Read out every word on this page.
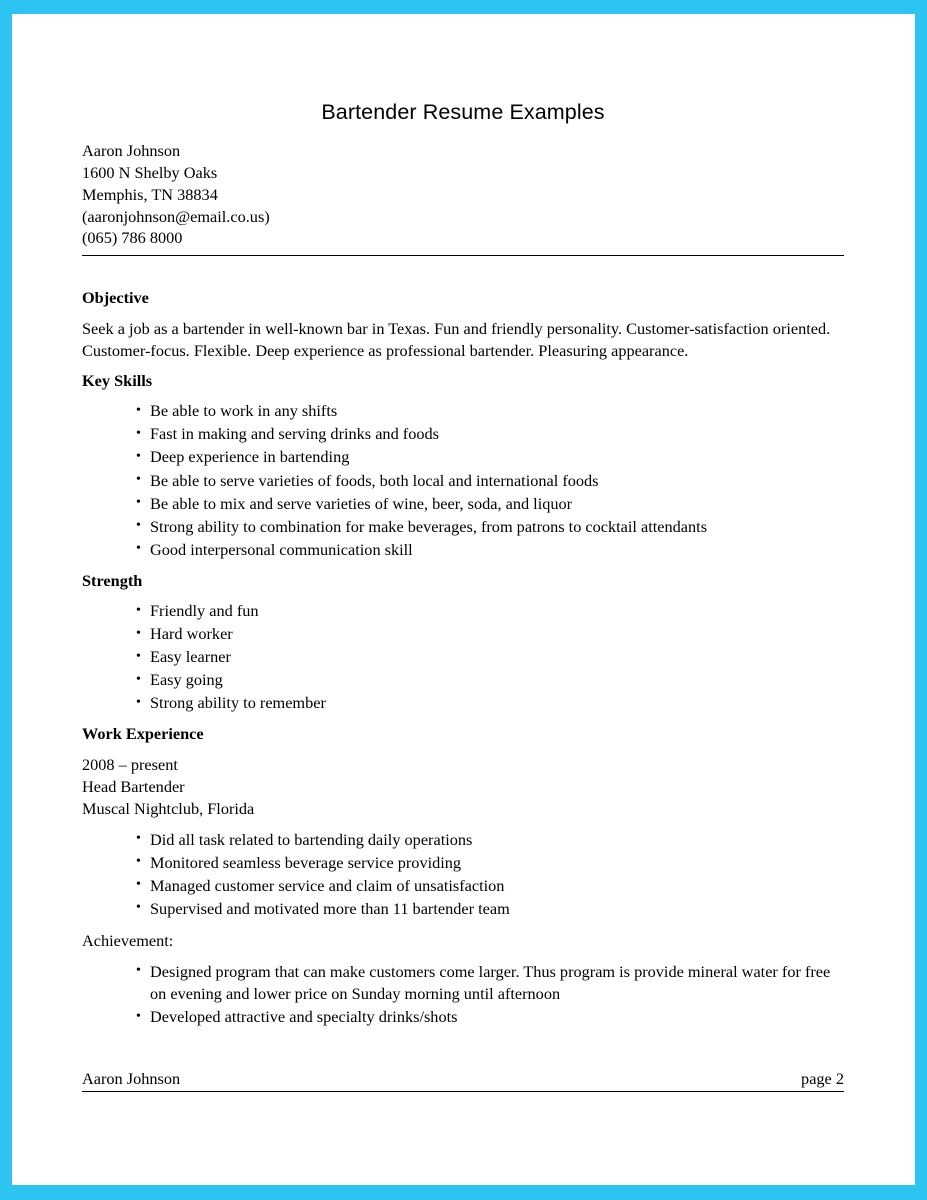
Bartender Resume Examples
Aaron Johnson
1600 N Shelby Oaks
Memphis, TN 38834
(aaronjohnson@email.co.us)
(065) 786 8000
Objective

Seek a job as a bartender in well-known bar in Texas. Fun and friendly personality. Customer-satisfaction oriented. Customer-focus. Flexible. Deep experience as professional bartender. Pleasuring appearance.

Key Skills
• Be able to work in any shifts
• Fast in making and serving drinks and foods
• Deep experience in bartending
• Be able to serve varieties of foods, both local and international foods
• Be able to mix and serve varieties of wine, beer, soda, and liquor
• Strong ability to combination for make beverages, from patrons to cocktail attendants
• Good interpersonal communication skill
Strength
• Friendly and fun
• Hard worker
• Easy learner
• Easy going
• Strong ability to remember
Work Experience
2008 – present
Head Bartender
Muscal Nightclub, Florida
• Did all task related to bartending daily operations
• Monitored seamless beverage service providing
• Managed customer service and claim of unsatisfaction
• Supervised and motivated more than 11 bartender team
Achievement:
• Designed program that can make customers come larger. Thus program is provide mineral water for free on evening and lower price on Sunday morning until afternoon
• Developed attractive and specialty drinks/shots
Aaron Johnson	page 2
